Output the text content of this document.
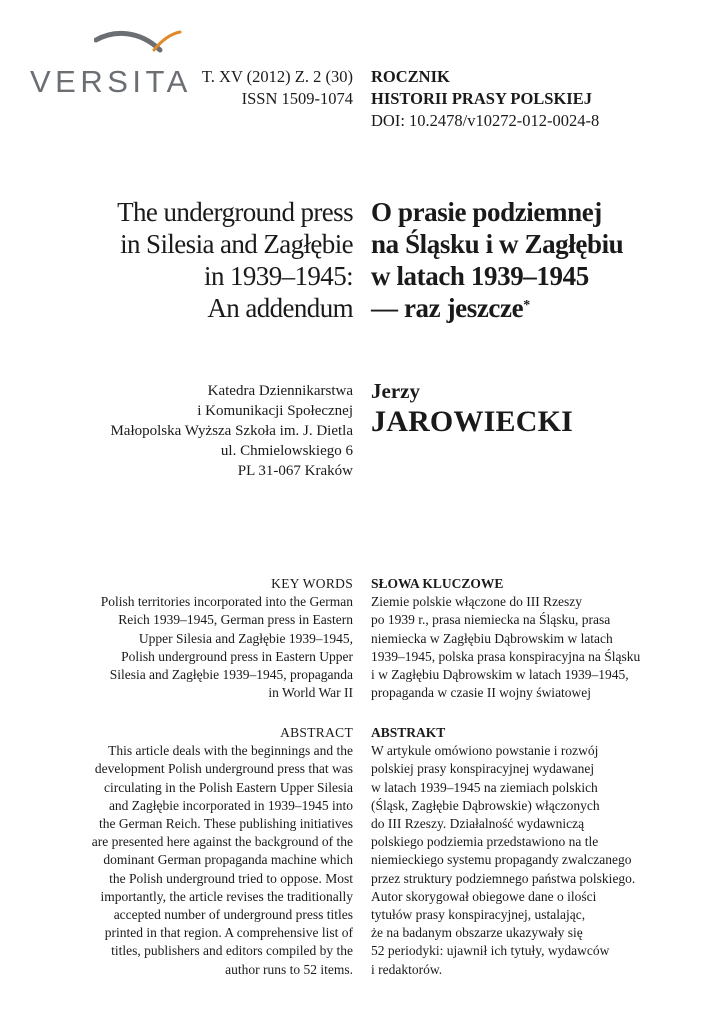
VERSITA T. XV (2012) Z. 2 (30)
ISSN 1509-1074
ROCZNIK
HISTORII PRASY POLSKIEJ
DOI: 10.2478/v10272-012-0024-8
The underground press
in Silesia and Zagłębie
in 1939–1945:
An addendum
O prasie podziemnej
na Śląsku i w Zagłębiu
w latach 1939–1945
— raz jeszcze*
Katedra Dziennikarstwa
i Komunikacji Społecznej
Małopolska Wyższa Szkoła im. J. Dietla
ul. Chmielowskiego 6
PL 31-067 Kraków
Jerzy
JAROWIECKI
KEY WORDS
Polish territories incorporated into the German
Reich 1939–1945, German press in Eastern
Upper Silesia and Zagłębie 1939–1945,
Polish underground press in Eastern Upper
Silesia and Zagłębie 1939–1945, propaganda
in World War II
SŁOWA KLUCZOWE
Ziemie polskie włączone do III Rzeszy
po 1939 r., prasa niemiecka na Śląsku, prasa
niemiecka w Zagłębiu Dąbrowskim w latach
1939–1945, polska prasa konspiracyjna na Śląsku
i w Zagłębiu Dąbrowskim w latach 1939–1945,
propaganda w czasie II wojny światowej
ABSTRACT
This article deals with the beginnings and the
development Polish underground press that was
circulating in the Polish Eastern Upper Silesia
and Zagłębie incorporated in 1939–1945 into
the German Reich. These publishing initiatives
are presented here against the background of the
dominant German propaganda machine which
the Polish underground tried to oppose. Most
importantly, the article revises the traditionally
accepted number of underground press titles
printed in that region. A comprehensive list of
titles, publishers and editors compiled by the
author runs to 52 items.
ABSTRAKT
W artykule omówiono powstanie i rozwój
polskiej prasy konspiracyjnej wydawanej
w latach 1939–1945 na ziemiach polskich
(Śląsk, Zagłębie Dąbrowskie) włączonych
do III Rzeszy. Działalność wydawniczą
polskiego podziemia przedstawiono na tle
niemieckiego systemu propagandy zwalczanego
przez struktury podziemnego państwa polskiego.
Autor skorygował obiegowe dane o ilości
tytułów prasy konspiracyjnej, ustalając,
że na badanym obszarze ukazywały się
52 periodyki: ujawnił ich tytuły, wydawców
i redaktorów.
